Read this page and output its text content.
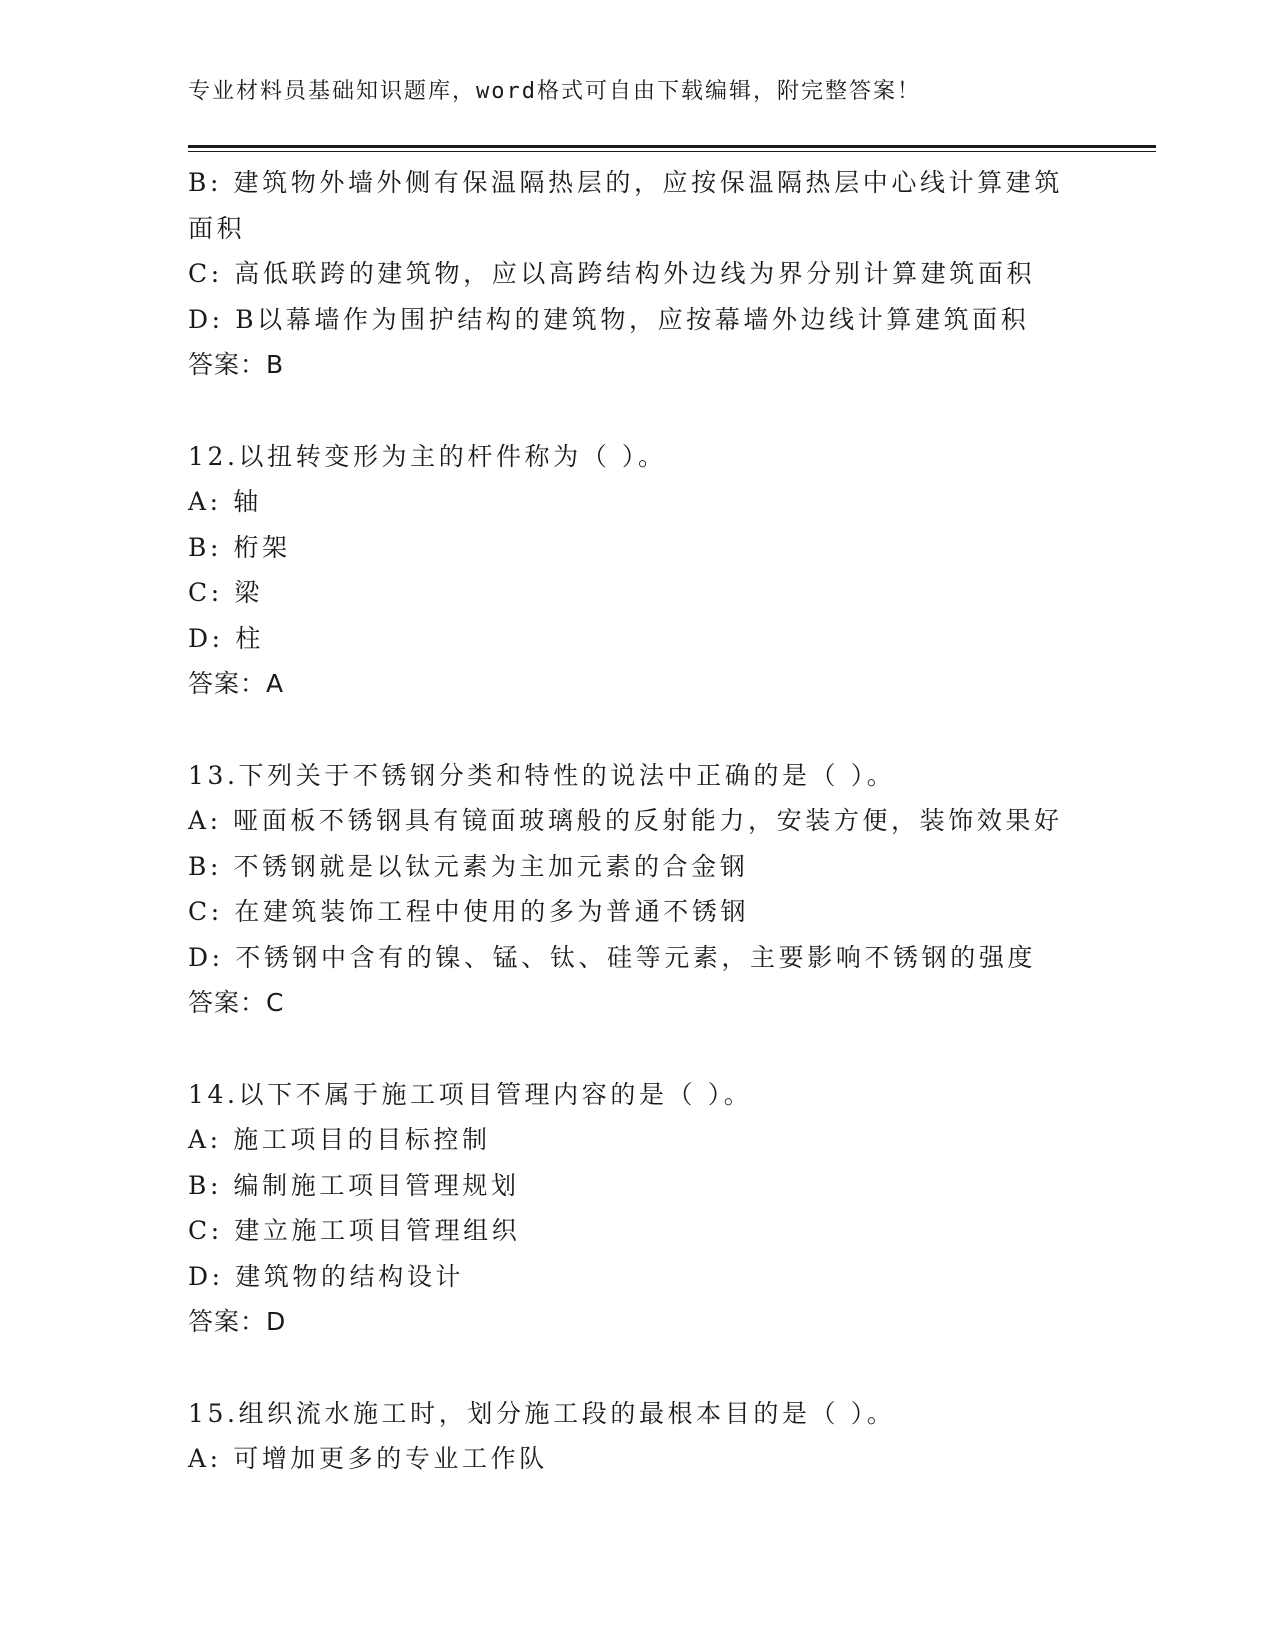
专业材料员基础知识题库，word格式可自由下载编辑，附完整答案！
B: 建筑物外墙外侧有保温隔热层的，应按保温隔热层中心线计算建筑
面积
C: 高低联跨的建筑物，应以高跨结构外边线为界分别计算建筑面积
D: B以幕墙作为围护结构的建筑物，应按幕墙外边线计算建筑面积
答案：B
12.以扭转变形为主的杆件称为（ ）。
A: 轴
B: 桁架
C: 梁
D: 柱
答案：A
13.下列关于不锈钢分类和特性的说法中正确的是（ ）。
A: 哑面板不锈钢具有镜面玻璃般的反射能力，安装方便，装饰效果好
B: 不锈钢就是以钛元素为主加元素的合金钢
C: 在建筑装饰工程中使用的多为普通不锈钢
D: 不锈钢中含有的镍、锰、钛、硅等元素，主要影响不锈钢的强度
答案：C
14.以下不属于施工项目管理内容的是（ ）。
A: 施工项目的目标控制
B: 编制施工项目管理规划
C: 建立施工项目管理组织
D: 建筑物的结构设计
答案：D
15.组织流水施工时，划分施工段的最根本目的是（ ）。
A: 可增加更多的专业工作队
